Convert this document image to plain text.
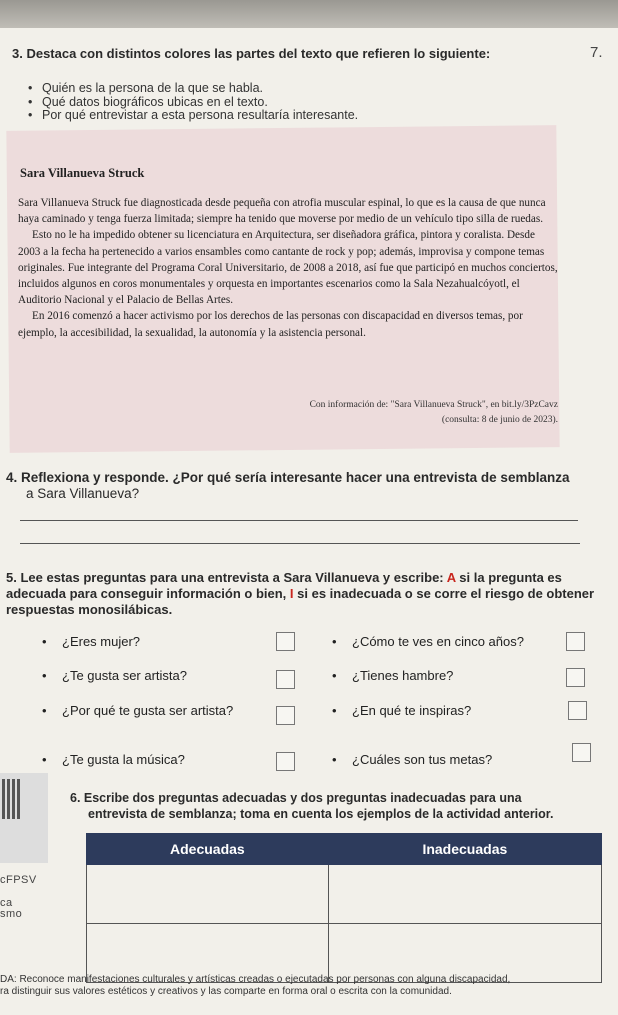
7.
3. Destaca con distintos colores las partes del texto que refieren lo siguiente:
• Quién es la persona de la que se habla.
• Qué datos biográficos ubicas en el texto.
• Por qué entrevistar a esta persona resultaría interesante.
Sara Villanueva Struck

Sara Villanueva Struck fue diagnosticada desde pequeña con atrofia muscular espinal, lo que es la causa de que nunca haya caminado y tenga fuerza limitada; siempre ha tenido que moverse por medio de un vehículo tipo silla de ruedas.

Esto no le ha impedido obtener su licenciatura en Arquitectura, ser diseñadora gráfica, pintora y coralista. Desde 2003 a la fecha ha pertenecido a varios ensambles como cantante de rock y pop; además, improvisa y compone temas originales. Fue integrante del Programa Coral Universitario, de 2008 a 2018, así fue que participó en muchos conciertos, incluidos algunos en coros monumentales y orquesta en importantes escenarios como la Sala Nezahualcóyotl, el Auditorio Nacional y el Palacio de Bellas Artes.

En 2016 comenzó a hacer activismo por los derechos de las personas con discapacidad en diversos temas, por ejemplo, la accesibilidad, la sexualidad, la autonomía y la asistencia personal.

Con información de: "Sara Villanueva Struck", en bit.ly/3PzCavz
(consulta: 8 de junio de 2023).
4. Reflexiona y responde. ¿Por qué sería interesante hacer una entrevista de semblanza
a Sara Villanueva?
5. Lee estas preguntas para una entrevista a Sara Villanueva y escribe: A si la pregunta es adecuada para conseguir información o bien, I si es inadecuada o se corre el riesgo de obtener respuestas monosilábicas.
• ¿Eres mujer?
• ¿Te gusta ser artista?
• ¿Por qué te gusta ser artista?
• ¿Te gusta la música?
• ¿Cómo te ves en cinco años?
• ¿Tienes hambre?
• ¿En qué te inspiras?
• ¿Cuáles son tus metas?
cFPSV
ca
smo
6. Escribe dos preguntas adecuadas y dos preguntas inadecuadas para una
entrevista de semblanza; toma en cuenta los ejemplos de la actividad anterior.
Adecuadas	Inadecuadas

DA: Reconoce manifestaciones culturales y artísticas creadas o ejecutadas por personas con alguna discapacidad,
ra distinguir sus valores estéticos y creativos y las comparte en forma oral o escrita con la comunidad.
